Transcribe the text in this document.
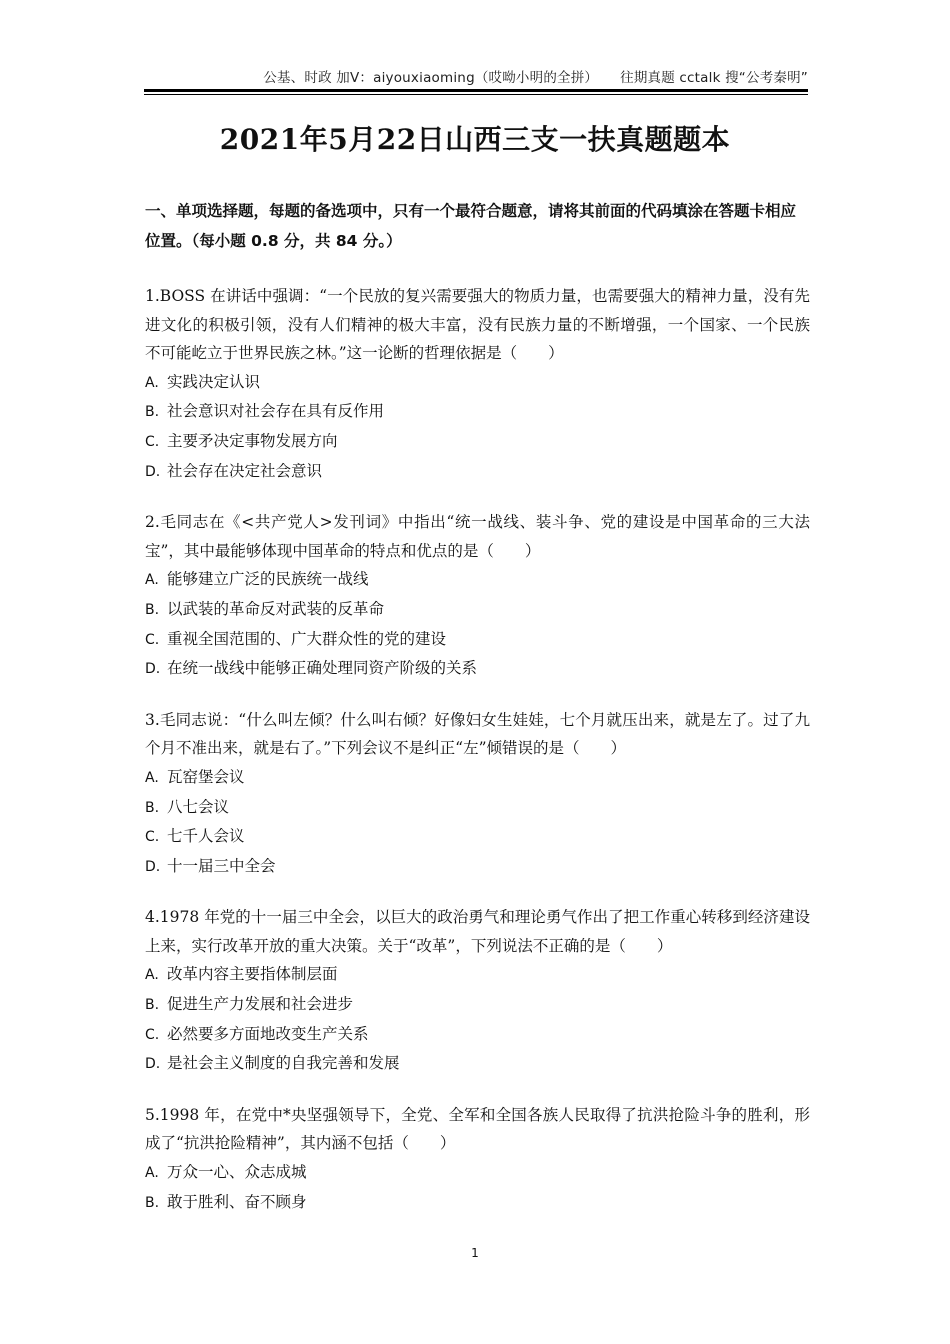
公基、时政 加V：aiyouxiaoming（哎呦小明的全拼） 往期真题 cctalk 搜“公考秦明”
2021年5月22日山西三支一扶真题题本
一、单项选择题，每题的备选项中，只有一个最符合题意，请将其前面的代码填涂在答题卡相应位置。（每小题 0.8 分，共 84 分。）

1.BOSS 在讲话中强调：“一个民放的复兴需要强大的物质力量，也需要强大的精神力量，没有先进文化的积极引领，没有人们精神的极大丰富，没有民族力量的不断增强，一个国家、一个民族不可能屹立于世界民族之林。”这一论断的哲理依据是（　　）

A. 实践决定认识

B. 社会意识对社会存在具有反作用

C. 主要矛决定事物发展方向

D. 社会存在决定社会意识

2.毛同志在《<共产党人>发刊词》中指出“统一战线、装斗争、党的建设是中国革命的三大法宝”，其中最能够体现中国革命的特点和优点的是（　　）

A. 能够建立广泛的民族统一战线

B. 以武装的革命反对武装的反革命

C. 重视全国范围的、广大群众性的党的建设

D. 在统一战线中能够正确处理同资产阶级的关系

3.毛同志说：“什么叫左倾？什么叫右倾？好像妇女生娃娃，七个月就压出来，就是左了。过了九个月不准出来，就是右了。”下列会议不是纠正“左”倾错误的是（　　）

A. 瓦窑堡会议

B. 八七会议

C. 七千人会议

D. 十一届三中全会

4.1978 年党的十一届三中全会，以巨大的政治勇气和理论勇气作出了把工作重心转移到经济建设上来，实行改革开放的重大决策。关于“改革”，下列说法不正确的是（　　）

A. 改革内容主要指体制层面

B. 促进生产力发展和社会进步

C. 必然要多方面地改变生产关系

D. 是社会主义制度的自我完善和发展

5.1998 年，在党中*央坚强领导下，全党、全军和全国各族人民取得了抗洪抢险斗争的胜利，形成了“抗洪抢险精神”，其内涵不包括（　　）

A. 万众一心、众志成城

B. 敢于胜利、奋不顾身

1
